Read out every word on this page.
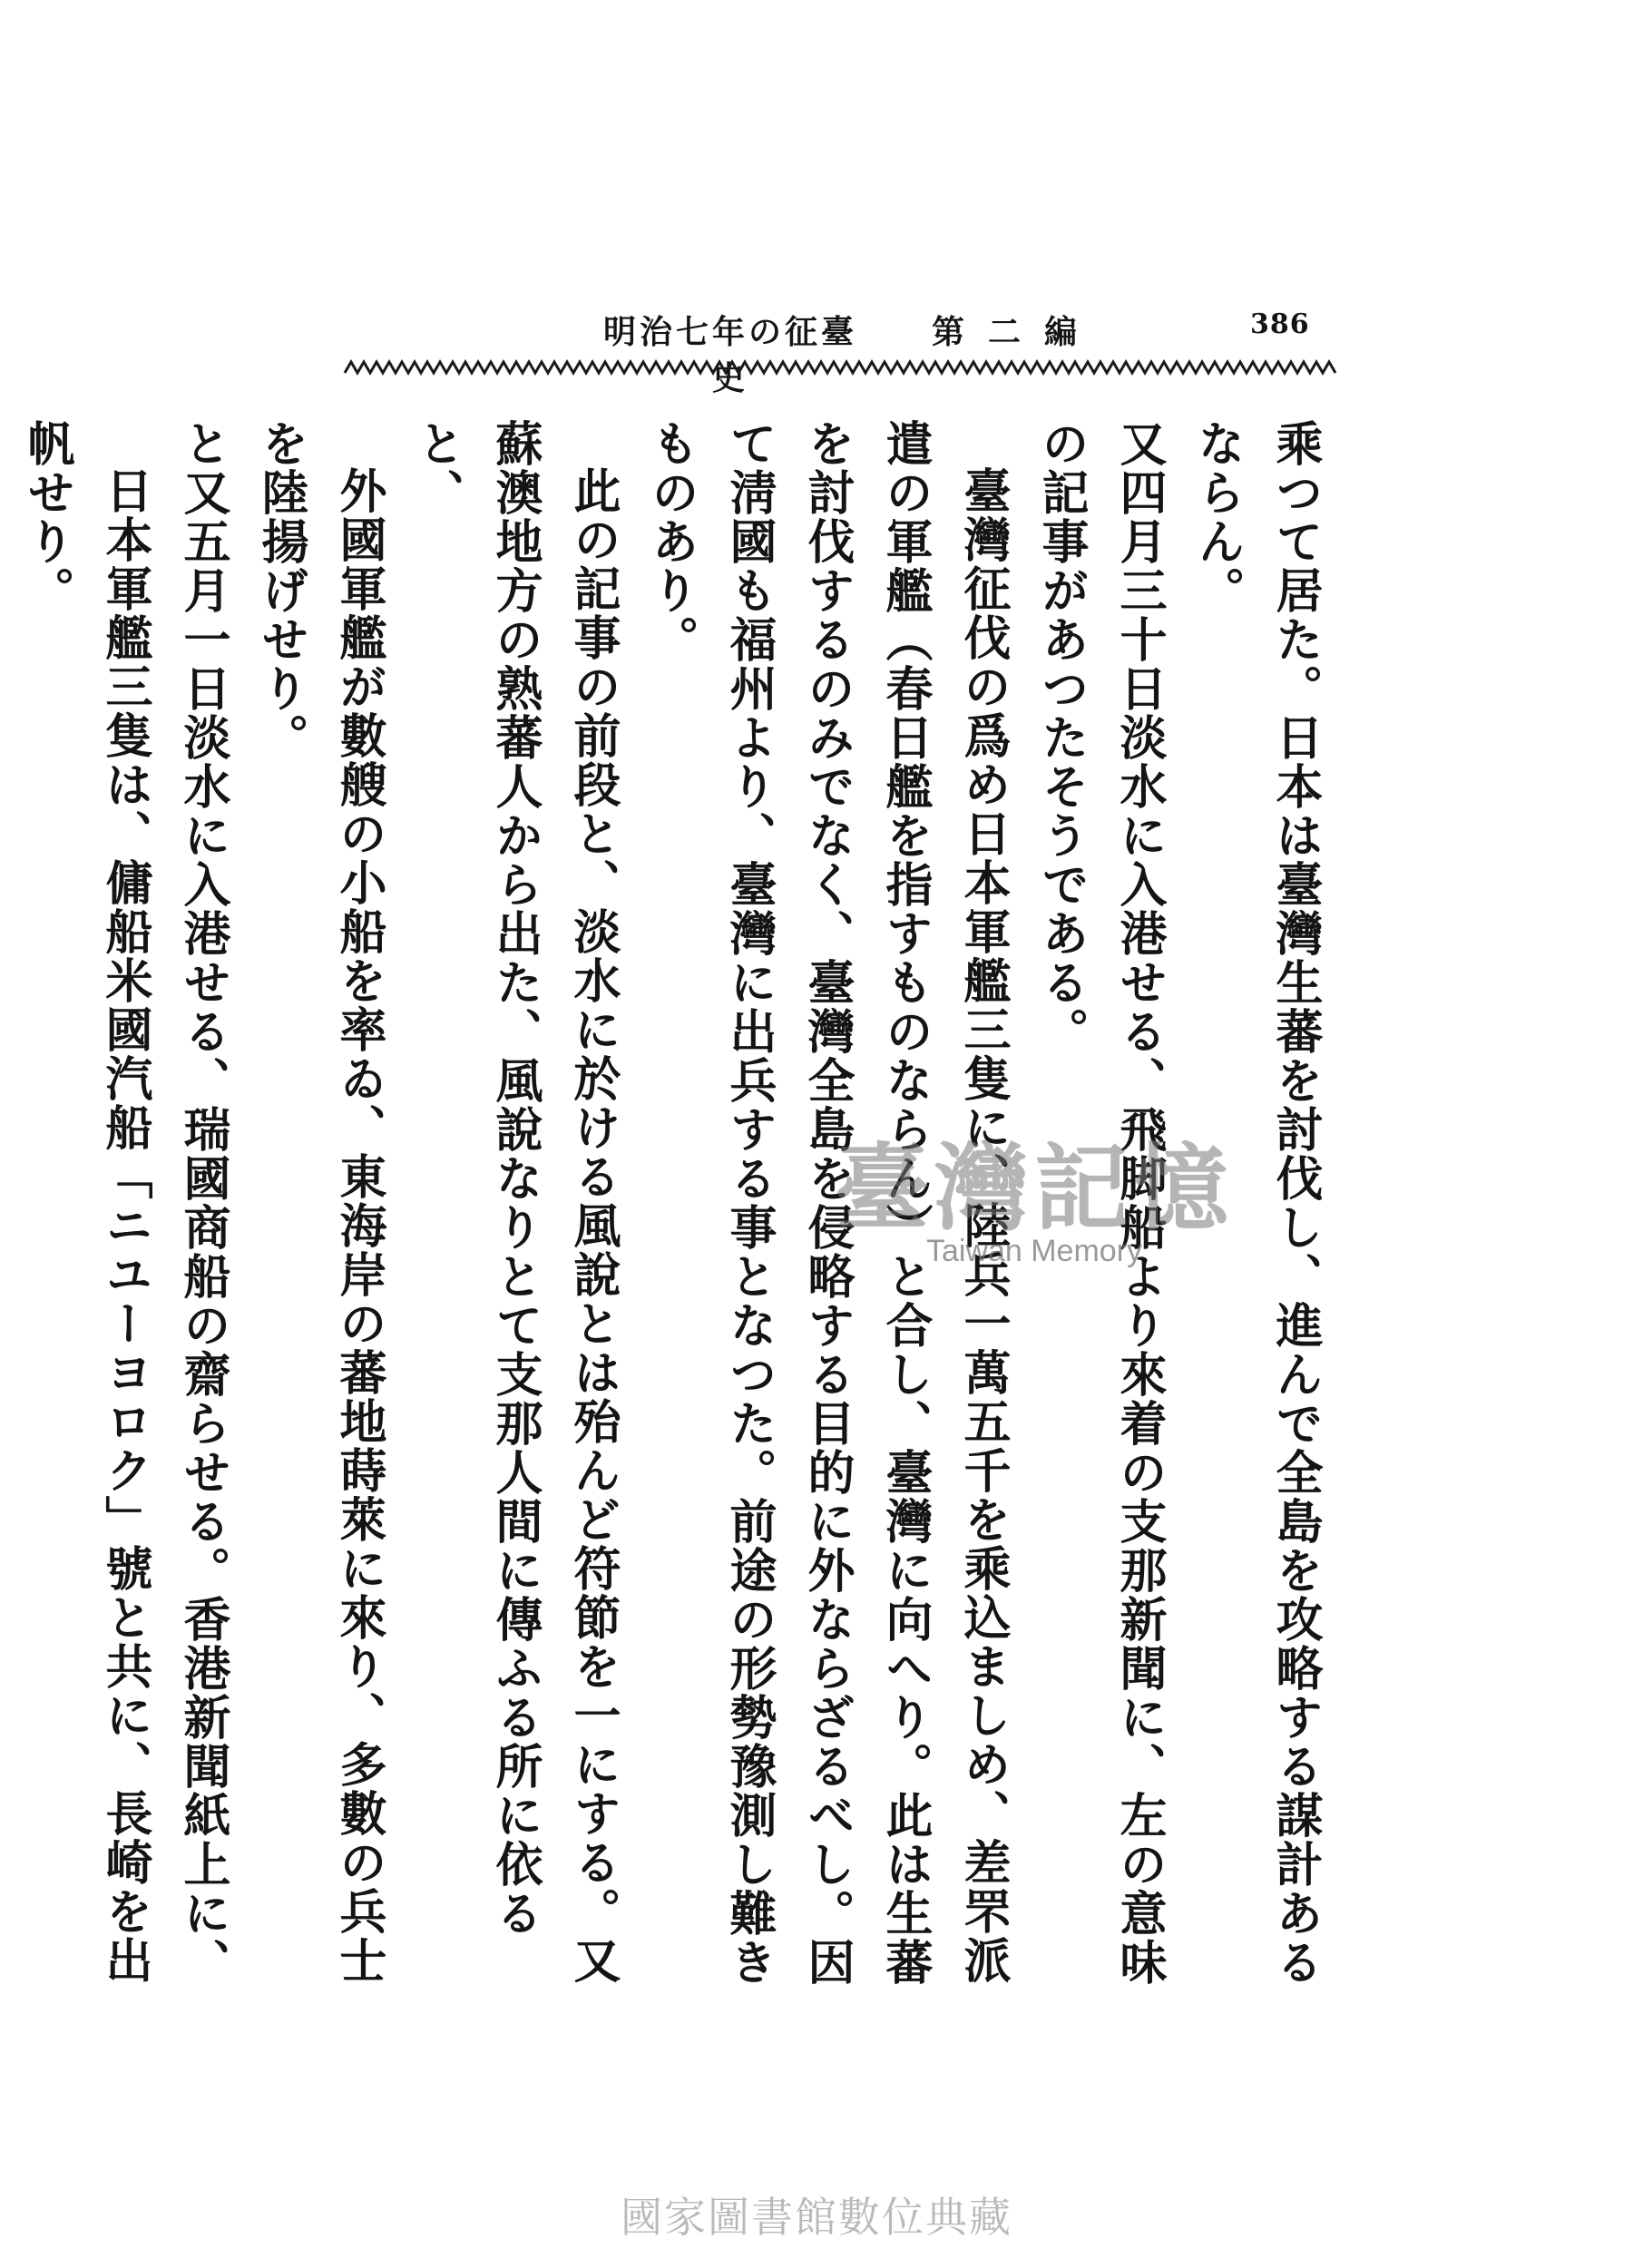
386
第二編
明治七年の征臺史

乘つて居た。日本は臺灣生蕃を討伐し、進んで全島を攻略する謀計あるならん。

又四月三十日淡水に入港せる、飛脚船より來着の支那新聞に、左の意味の記事があつたそうである。

臺灣征伐の爲め日本軍艦三隻に、陸兵一萬五千を乘込ましめ、差罘派遣の軍艦（春日艦を指すものならん）と合し、臺灣に向へり。此は生蕃を討伐するのみでなく、臺灣全島を侵略する目的に外ならざるべし。因て淸國も福州より、臺灣に出兵する事となつた。前途の形勢豫測し難きものあり。

此の記事の前段と、淡水に於ける風說とは殆んど符節を一にする。又蘇澳地方の熟蕃人から出た、風說なりとて支那人間に傳ふる所に依ると、

外國軍艦が數艘の小船を率ゐ、東海岸の蕃地蒔萊に來り、多數の兵士を陸揚げせり。

と又五月一日淡水に入港せる、瑞國商船の齋らせる。香港新聞紙上に、

日本軍艦三隻は、傭船米國汽船「ニユーヨロク」號と共に、長崎を出帆せり。

臺灣記憶
Taiwan Memory
國家圖書館數位典藏
